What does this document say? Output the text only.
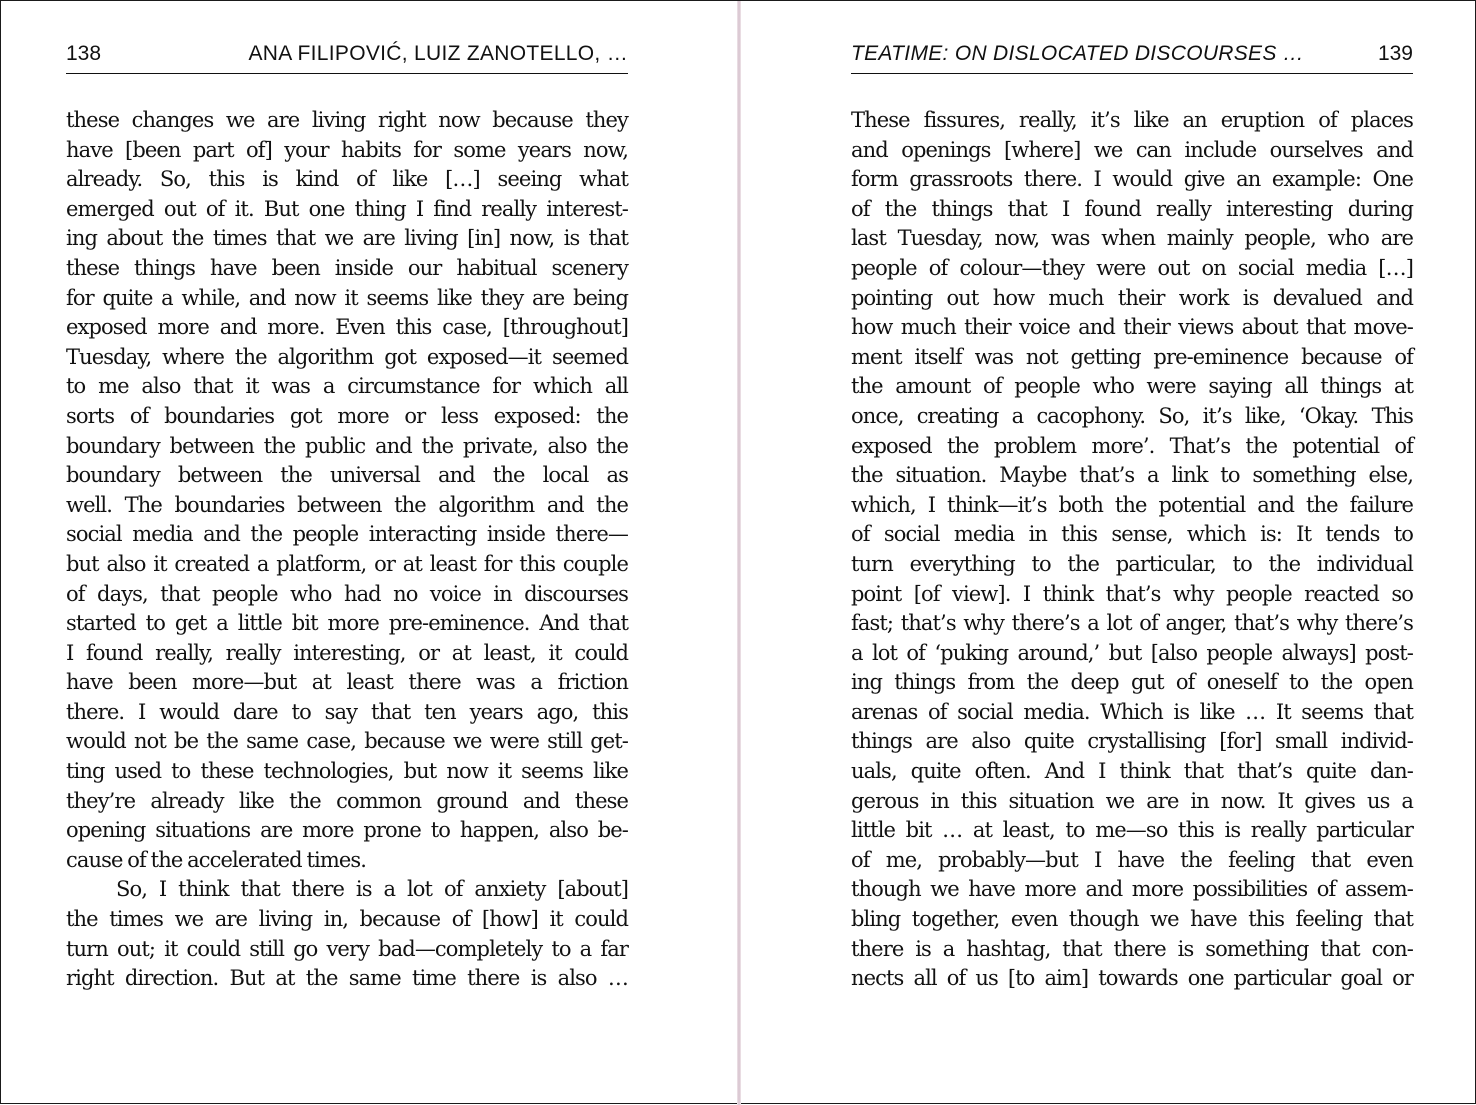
138	ANA FILIPOVIĆ, LUIZ ZANOTELLO, …
these changes we are living right now because they
have [been part of] your habits for some years now,
already. So, this is kind of like […] seeing what
emerged out of it. But one thing I find really interest-
ing about the times that we are living [in] now, is that
these things have been inside our habitual scenery
for quite a while, and now it seems like they are being
exposed more and more. Even this case, [throughout]
Tuesday, where the algorithm got exposed—it seemed
to me also that it was a circumstance for which all
sorts of boundaries got more or less exposed: the
boundary between the public and the private, also the
boundary between the universal and the local as
well. The boundaries between the algorithm and the
social media and the people interacting inside there—
but also it created a platform, or at least for this couple
of days, that people who had no voice in discourses
started to get a little bit more pre-eminence. And that
I found really, really interesting, or at least, it could
have been more—but at least there was a friction
there. I would dare to say that ten years ago, this
would not be the same case, because we were still get-
ting used to these technologies, but now it seems like
they’re already like the common ground and these
opening situations are more prone to happen, also be-
cause of the accelerated times.
So, I think that there is a lot of anxiety [about]
the times we are living in, because of [how] it could
turn out; it could still go very bad—completely to a far
right direction. But at the same time there is also …
TEATIME: ON DISLOCATED DISCOURSES …	139
These fissures, really, it’s like an eruption of places
and openings [where] we can include ourselves and
form grassroots there. I would give an example: One
of the things that I found really interesting during
last Tuesday, now, was when mainly people, who are
people of colour—they were out on social media […]
pointing out how much their work is devalued and
how much their voice and their views about that move-
ment itself was not getting pre-eminence because of
the amount of people who were saying all things at
once, creating a cacophony. So, it’s like, ‘Okay. This
exposed the problem more’. That’s the potential of
the situation. Maybe that’s a link to something else,
which, I think—it’s both the potential and the failure
of social media in this sense, which is: It tends to
turn everything to the particular, to the individual
point [of view]. I think that’s why people reacted so
fast; that’s why there’s a lot of anger, that’s why there’s
a lot of ‘puking around,’ but [also people always] post-
ing things from the deep gut of oneself to the open
arenas of social media. Which is like … It seems that
things are also quite crystallising [for] small individ-
uals, quite often. And I think that that’s quite dan-
gerous in this situation we are in now. It gives us a
little bit … at least, to me—so this is really particular
of me, probably—but I have the feeling that even
though we have more and more possibilities of assem-
bling together, even though we have this feeling that
there is a hashtag, that there is something that con-
nects all of us [to aim] towards one particular goal or
